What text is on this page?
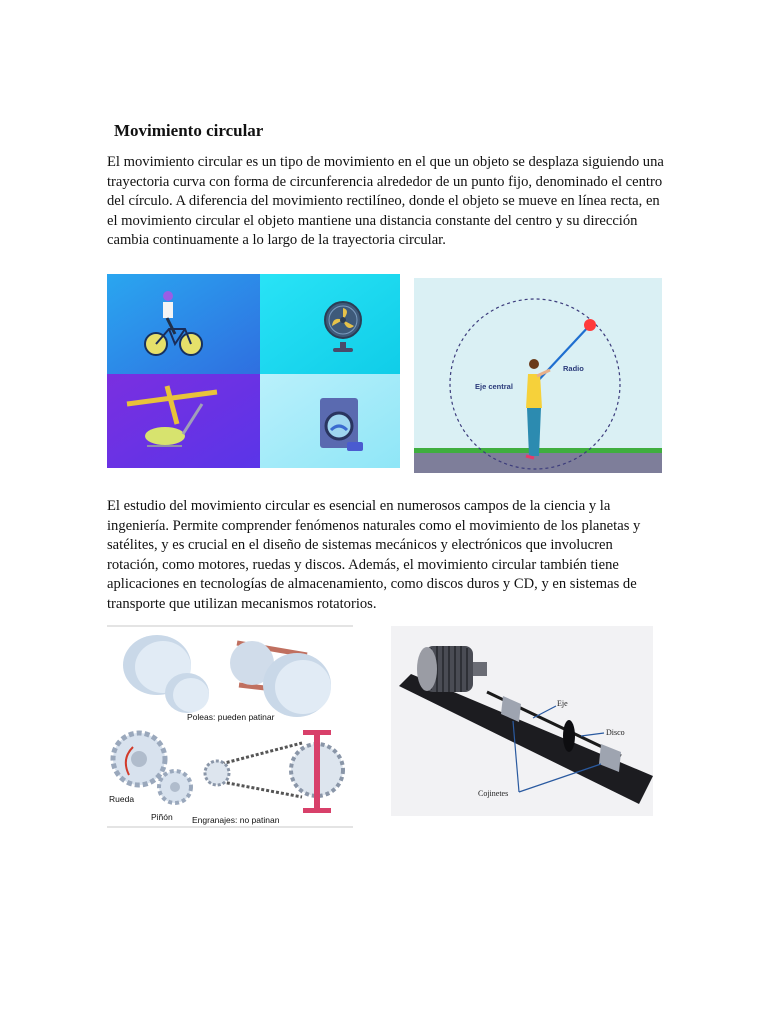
Movimiento circular

El movimiento circular es un tipo de movimiento en el que un objeto se desplaza siguiendo una trayectoria curva con forma de circunferencia alrededor de un punto fijo, denominado el centro del círculo. A diferencia del movimiento rectilíneo, donde el objeto se mueve en línea recta, en el movimiento circular el objeto mantiene una distancia constante del centro y su dirección cambia continuamente a lo largo de la trayectoria circular.

Radio
Eje central

El estudio del movimiento circular es esencial en numerosos campos de la ciencia y la ingeniería. Permite comprender fenómenos naturales como el movimiento de los planetas y satélites, y es crucial en el diseño de sistemas mecánicos y electrónicos que involucren rotación, como motores, ruedas y discos. Además, el movimiento circular también tiene aplicaciones en tecnologías de almacenamiento, como discos duros y CD, y en sistemas de transporte que utilizan mecanismos rotatorios.

Poleas: pueden patinar
Rueda
Piñón Engranajes: no patinan
Eje
Disco
Cojinetes
